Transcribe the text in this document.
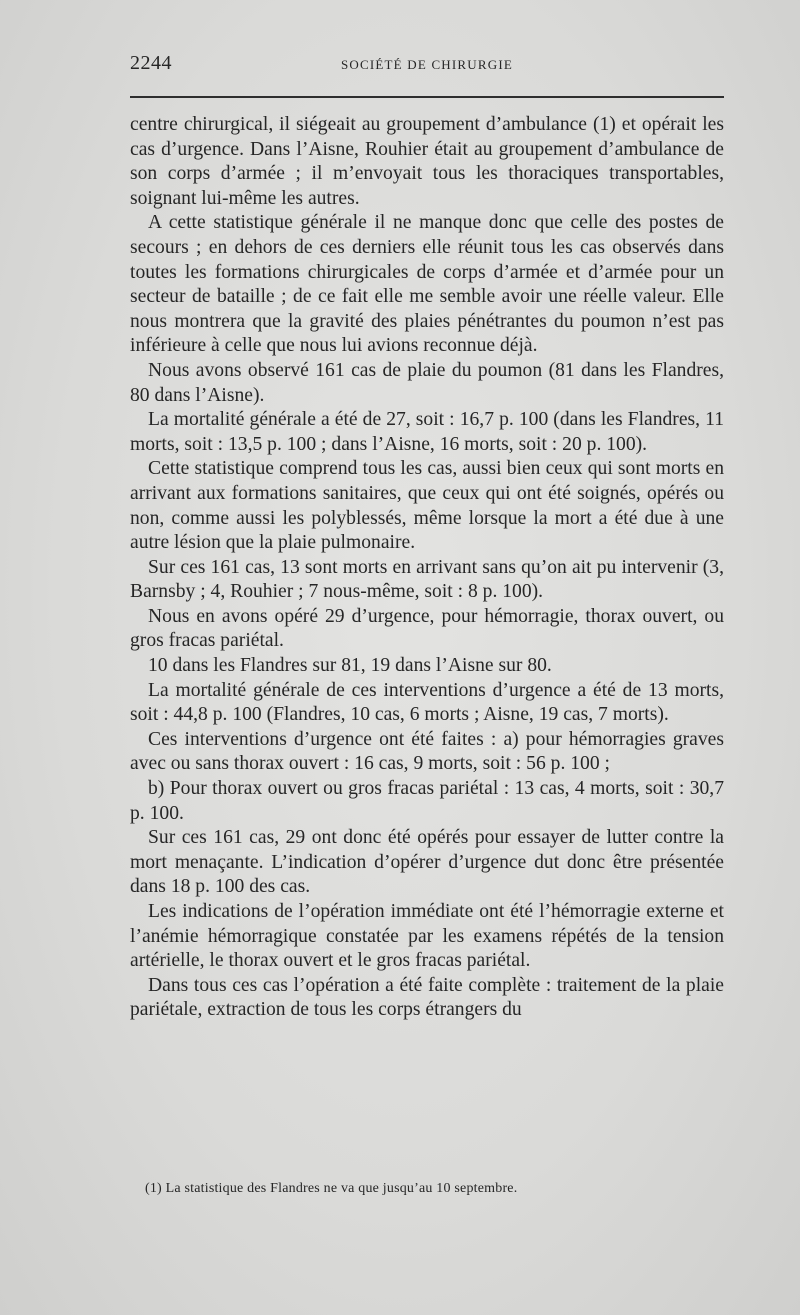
2244	SOCIÉTÉ DE CHIRURGIE

centre chirurgical, il siégeait au groupement d’ambulance (1) et opérait les cas d’urgence. Dans l’Aisne, Rouhier était au groupement d’ambulance de son corps d’armée ; il m’envoyait tous les thoraciques transportables, soignant lui-même les autres.

A cette statistique générale il ne manque donc que celle des postes de secours ; en dehors de ces derniers elle réunit tous les cas observés dans toutes les formations chirurgicales de corps d’armée et d’armée pour un secteur de bataille ; de ce fait elle me semble avoir une réelle valeur. Elle nous montrera que la gravité des plaies pénétrantes du poumon n’est pas inférieure à celle que nous lui avions reconnue déjà.

Nous avons observé 161 cas de plaie du poumon (81 dans les Flandres, 80 dans l’Aisne).

La mortalité générale a été de 27, soit : 16,7 p. 100 (dans les Flandres, 11 morts, soit : 13,5 p. 100 ; dans l’Aisne, 16 morts, soit : 20 p. 100).

Cette statistique comprend tous les cas, aussi bien ceux qui sont morts en arrivant aux formations sanitaires, que ceux qui ont été soignés, opérés ou non, comme aussi les polyblessés, même lorsque la mort a été due à une autre lésion que la plaie pulmonaire.

Sur ces 161 cas, 13 sont morts en arrivant sans qu’on ait pu intervenir (3, Barnsby ; 4, Rouhier ; 7 nous-même, soit : 8 p. 100).

Nous en avons opéré 29 d’urgence, pour hémorragie, thorax ouvert, ou gros fracas pariétal.

10 dans les Flandres sur 81, 19 dans l’Aisne sur 80.

La mortalité générale de ces interventions d’urgence a été de 13 morts, soit : 44,8 p. 100 (Flandres, 10 cas, 6 morts ; Aisne, 19 cas, 7 morts).

Ces interventions d’urgence ont été faites : a) pour hémorragies graves avec ou sans thorax ouvert : 16 cas, 9 morts, soit : 56 p. 100 ;

b) Pour thorax ouvert ou gros fracas pariétal : 13 cas, 4 morts, soit : 30,7 p. 100.

Sur ces 161 cas, 29 ont donc été opérés pour essayer de lutter contre la mort menaçante. L’indication d’opérer d’urgence dut donc être présentée dans 18 p. 100 des cas.

Les indications de l’opération immédiate ont été l’hémorragie externe et l’anémie hémorragique constatée par les examens répétés de la tension artérielle, le thorax ouvert et le gros fracas pariétal.

Dans tous ces cas l’opération a été faite complète : traitement de la plaie pariétale, extraction de tous les corps étrangers du

(1) La statistique des Flandres ne va que jusqu’au 10 septembre.
